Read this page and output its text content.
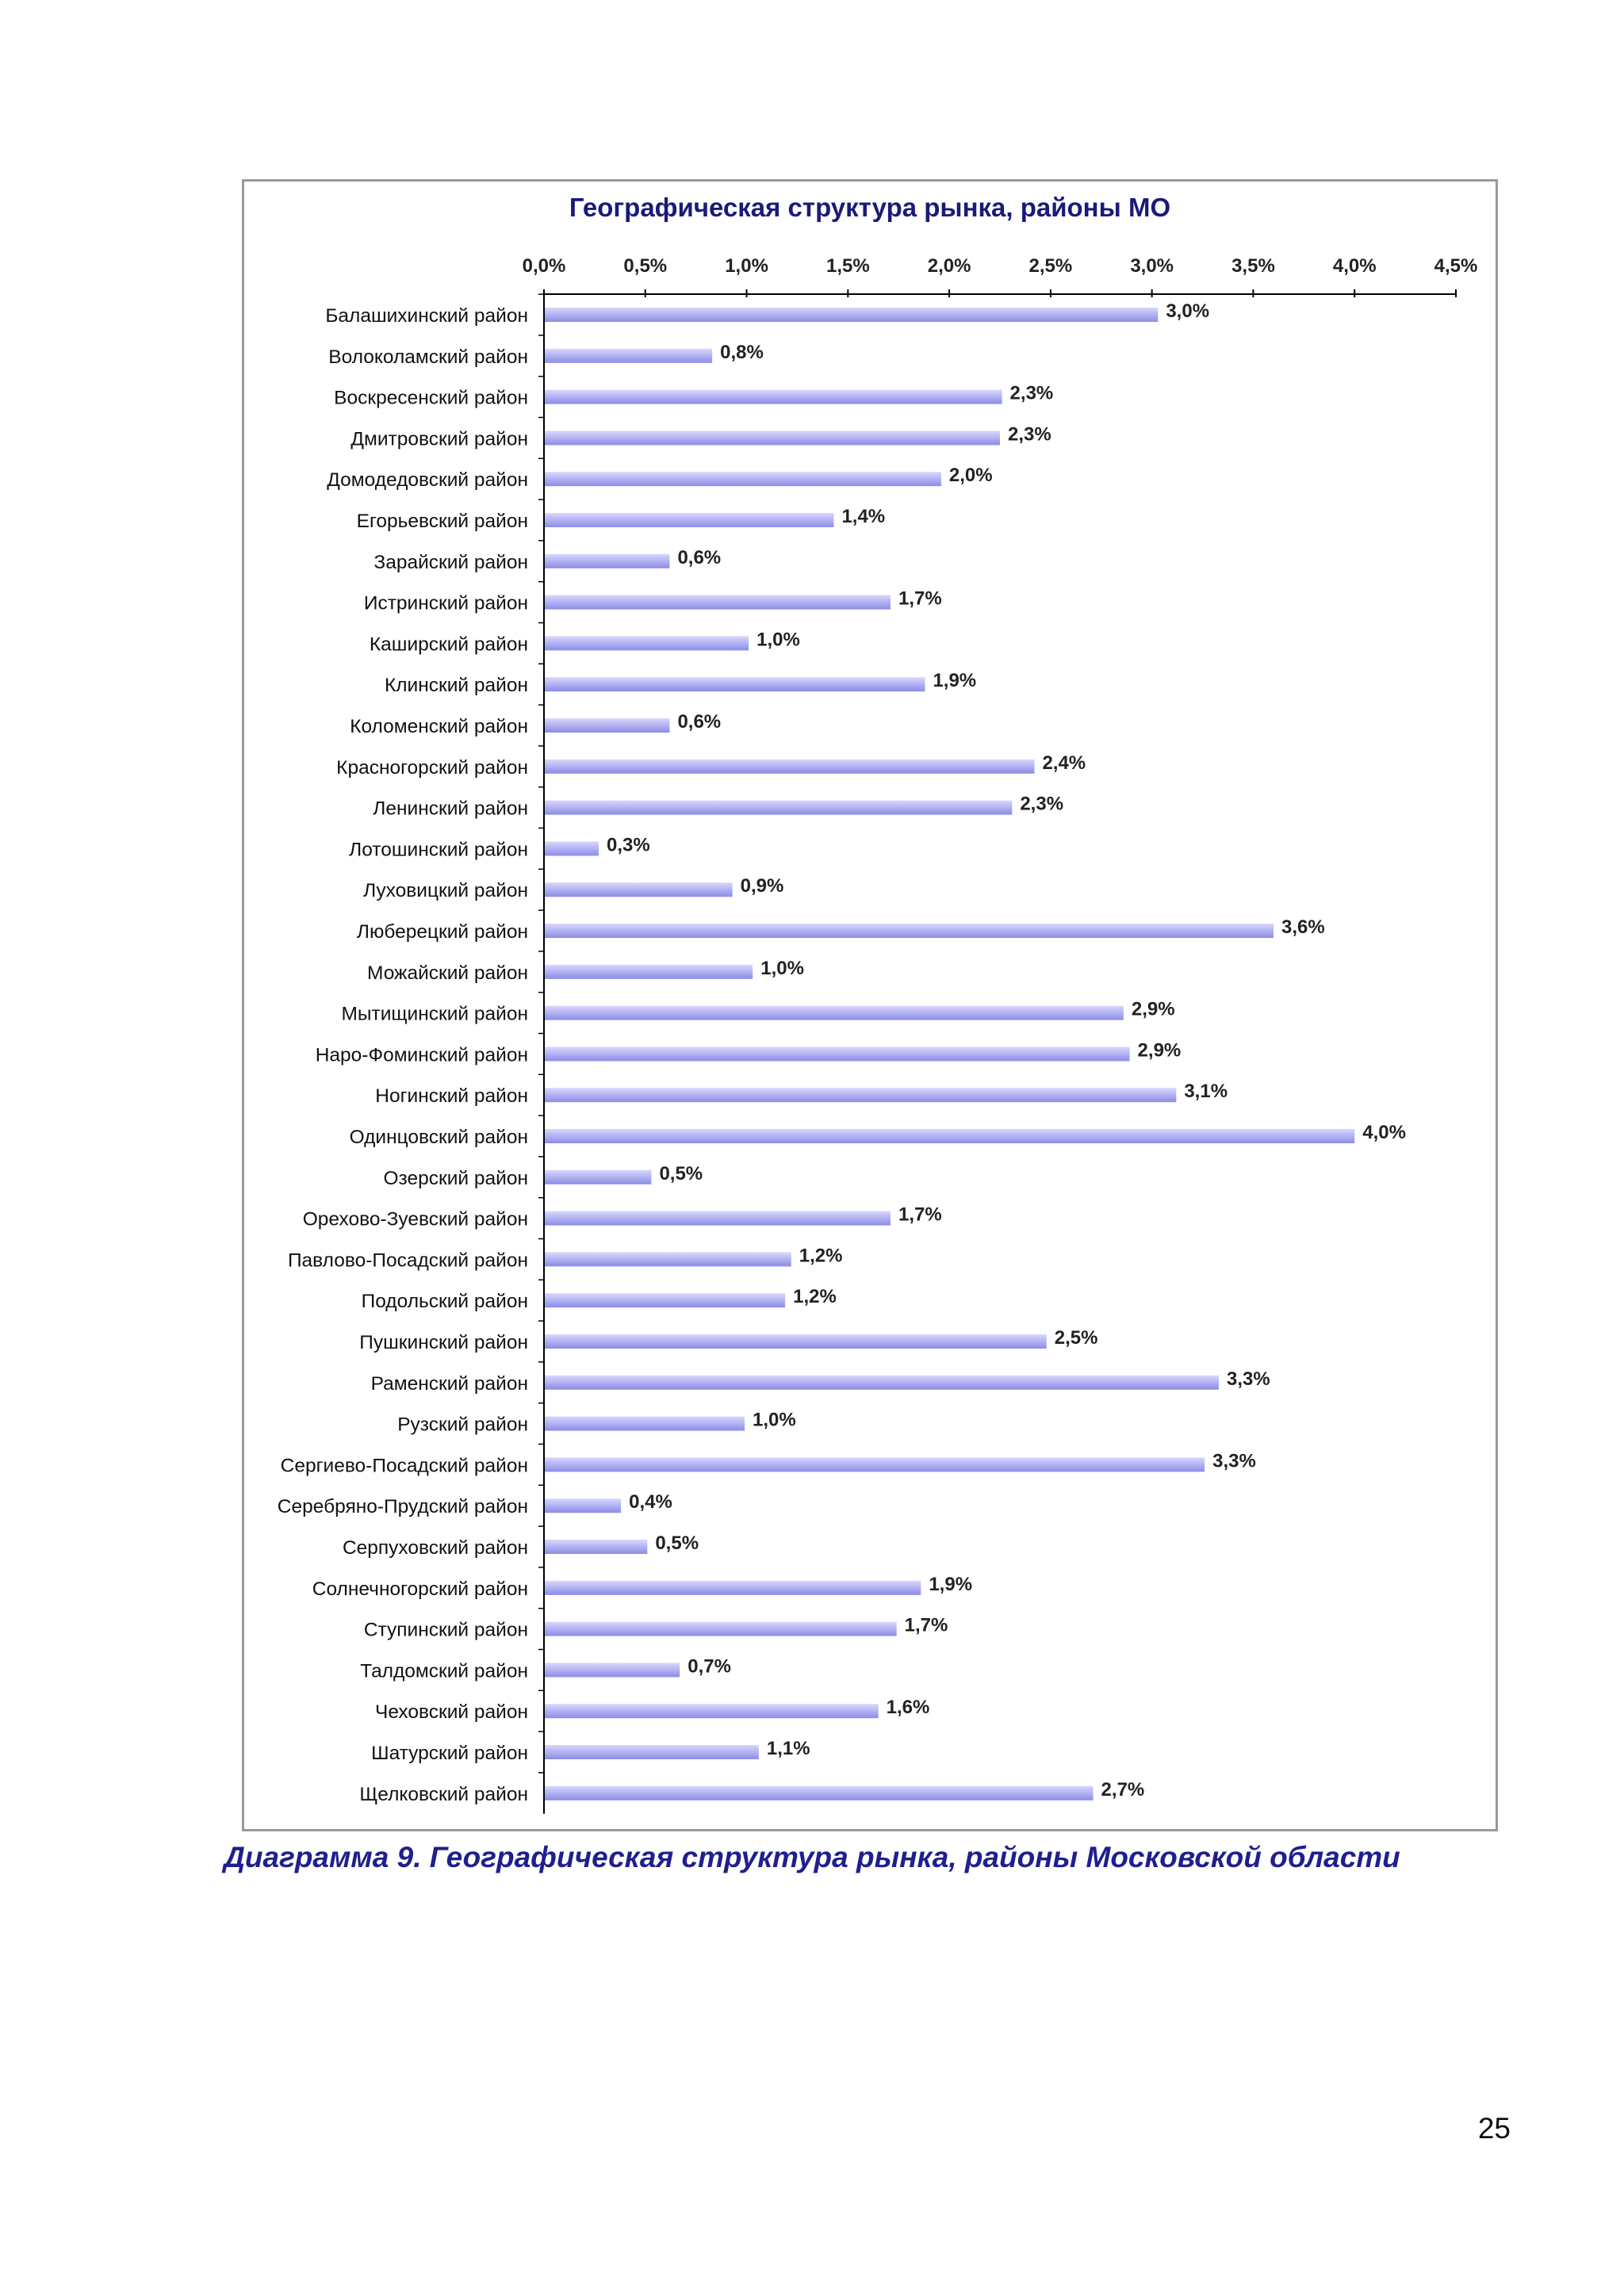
Географическая структура рынка, районы МО
0,0%	0,5%	1,0%	1,5%	2,0%	2,5%	3,0%	3,5%	4,0%	4,5%
Балашихинский район	3,0%
Волоколамский район	0,8%
Воскресенский район	2,3%
Дмитровский район	2,3%
Домодедовский район	2,0%
Егорьевский район	1,4%
Зарайский район	0,6%
Истринский район	1,7%
Каширский район	1,0%
Клинский район	1,9%
Коломенский район	0,6%
Красногорский район	2,4%
Ленинский район	2,3%
Лотошинский район	0,3%
Луховицкий район	0,9%
Люберецкий район	3,6%
Можайский район	1,0%
Мытищинский район	2,9%
Наро-Фоминский район	2,9%
Ногинский район	3,1%
Одинцовский район	4,0%
Озерский район	0,5%
Орехово-Зуевский район	1,7%
Павлово-Посадский район	1,2%
Подольский район	1,2%
Пушкинский район	2,5%
Раменский район	3,3%
Рузский район	1,0%
Сергиево-Посадский район	3,3%
Серебряно-Прудский район	0,4%
Серпуховский район	0,5%
Солнечногорский район	1,9%
Ступинский район	1,7%
Талдомский район	0,7%
Чеховский район	1,6%
Шатурский район	1,1%
Щелковский район	2,7%

Диаграмма 9. Географическая структура рынка, районы Московской области

25
